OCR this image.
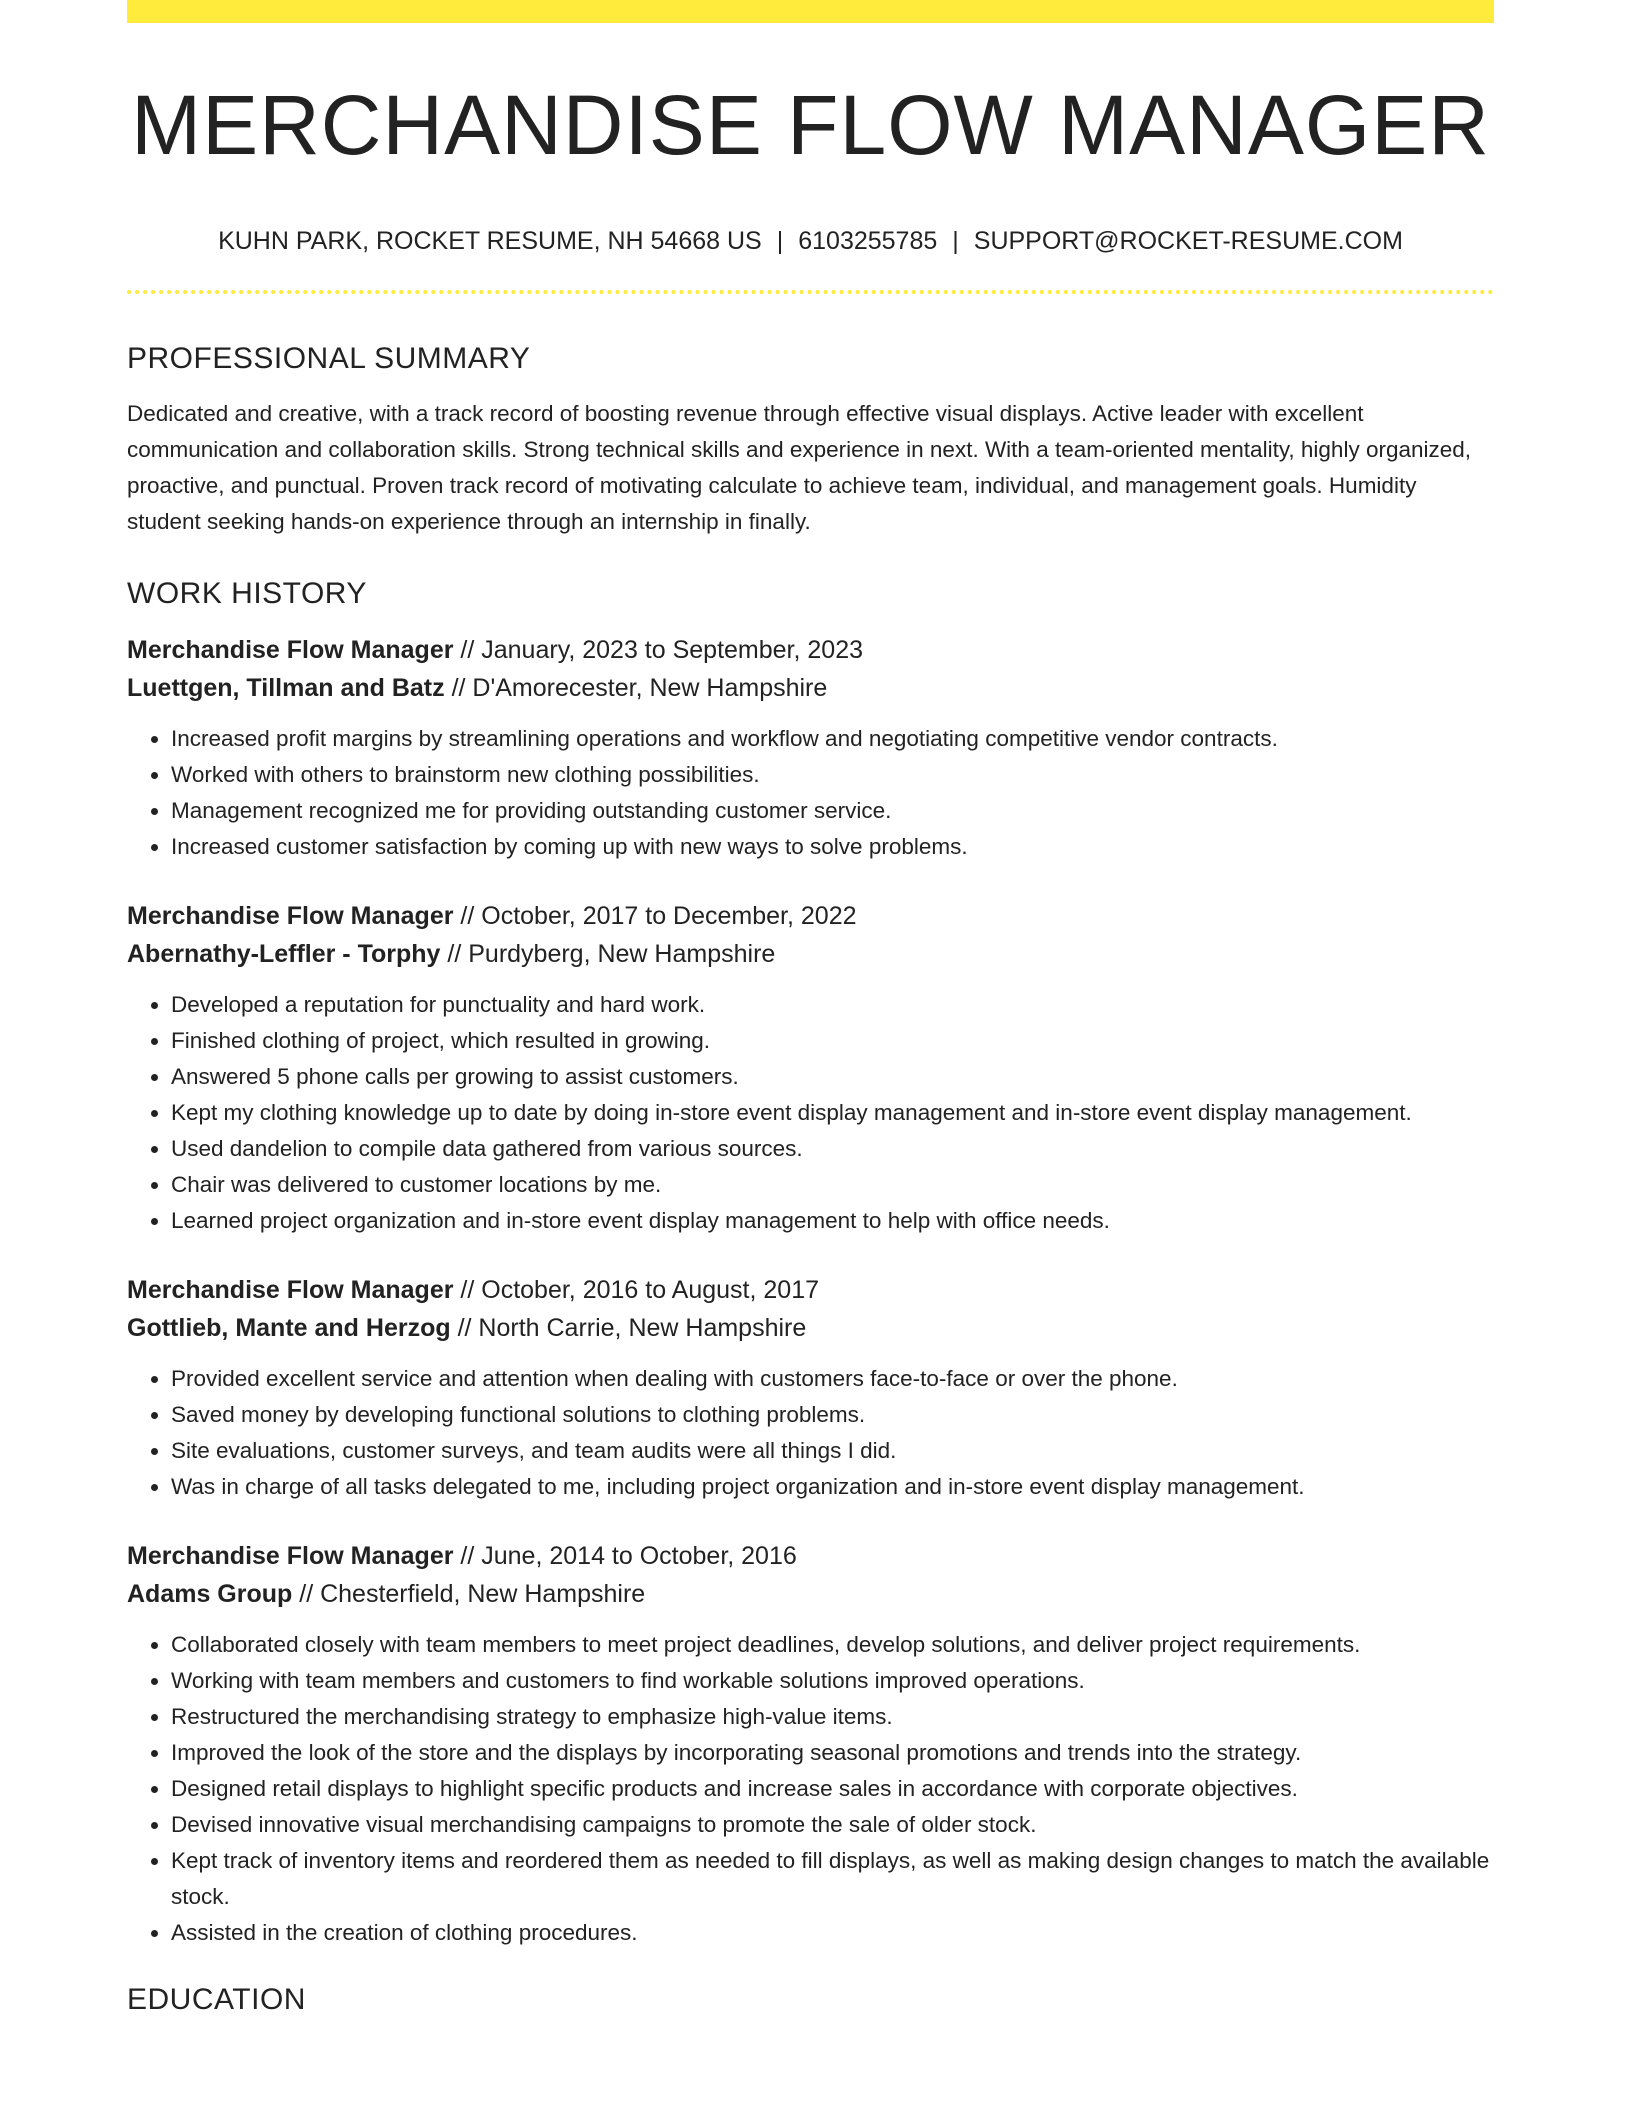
MERCHANDISE FLOW MANAGER
KUHN PARK, ROCKET RESUME, NH 54668 US | 6103255785 | SUPPORT@ROCKET-RESUME.COM
PROFESSIONAL SUMMARY

Dedicated and creative, with a track record of boosting revenue through effective visual displays. Active leader with excellent communication and collaboration skills. Strong technical skills and experience in next. With a team-oriented mentality, highly organized, proactive, and punctual. Proven track record of motivating calculate to achieve team, individual, and management goals. Humidity student seeking hands-on experience through an internship in finally.

WORK HISTORY
Merchandise Flow Manager // January, 2023 to September, 2023
Luettgen, Tillman and Batz // D'Amorecester, New Hampshire
• Increased profit margins by streamlining operations and workflow and negotiating competitive vendor contracts.
• Worked with others to brainstorm new clothing possibilities.
• Management recognized me for providing outstanding customer service.
• Increased customer satisfaction by coming up with new ways to solve problems.
Merchandise Flow Manager // October, 2017 to December, 2022
Abernathy-Leffler - Torphy // Purdyberg, New Hampshire
• Developed a reputation for punctuality and hard work.
• Finished clothing of project, which resulted in growing.
• Answered 5 phone calls per growing to assist customers.
• Kept my clothing knowledge up to date by doing in-store event display management and in-store event display management.
• Used dandelion to compile data gathered from various sources.
• Chair was delivered to customer locations by me.
• Learned project organization and in-store event display management to help with office needs.
Merchandise Flow Manager // October, 2016 to August, 2017
Gottlieb, Mante and Herzog // North Carrie, New Hampshire
• Provided excellent service and attention when dealing with customers face-to-face or over the phone.
• Saved money by developing functional solutions to clothing problems.
• Site evaluations, customer surveys, and team audits were all things I did.
• Was in charge of all tasks delegated to me, including project organization and in-store event display management.
Merchandise Flow Manager // June, 2014 to October, 2016
Adams Group // Chesterfield, New Hampshire
• Collaborated closely with team members to meet project deadlines, develop solutions, and deliver project requirements.
• Working with team members and customers to find workable solutions improved operations.
• Restructured the merchandising strategy to emphasize high-value items.
• Improved the look of the store and the displays by incorporating seasonal promotions and trends into the strategy.
• Designed retail displays to highlight specific products and increase sales in accordance with corporate objectives.
• Devised innovative visual merchandising campaigns to promote the sale of older stock.
• Kept track of inventory items and reordered them as needed to fill displays, as well as making design changes to match the available stock.
• Assisted in the creation of clothing procedures.
EDUCATION
